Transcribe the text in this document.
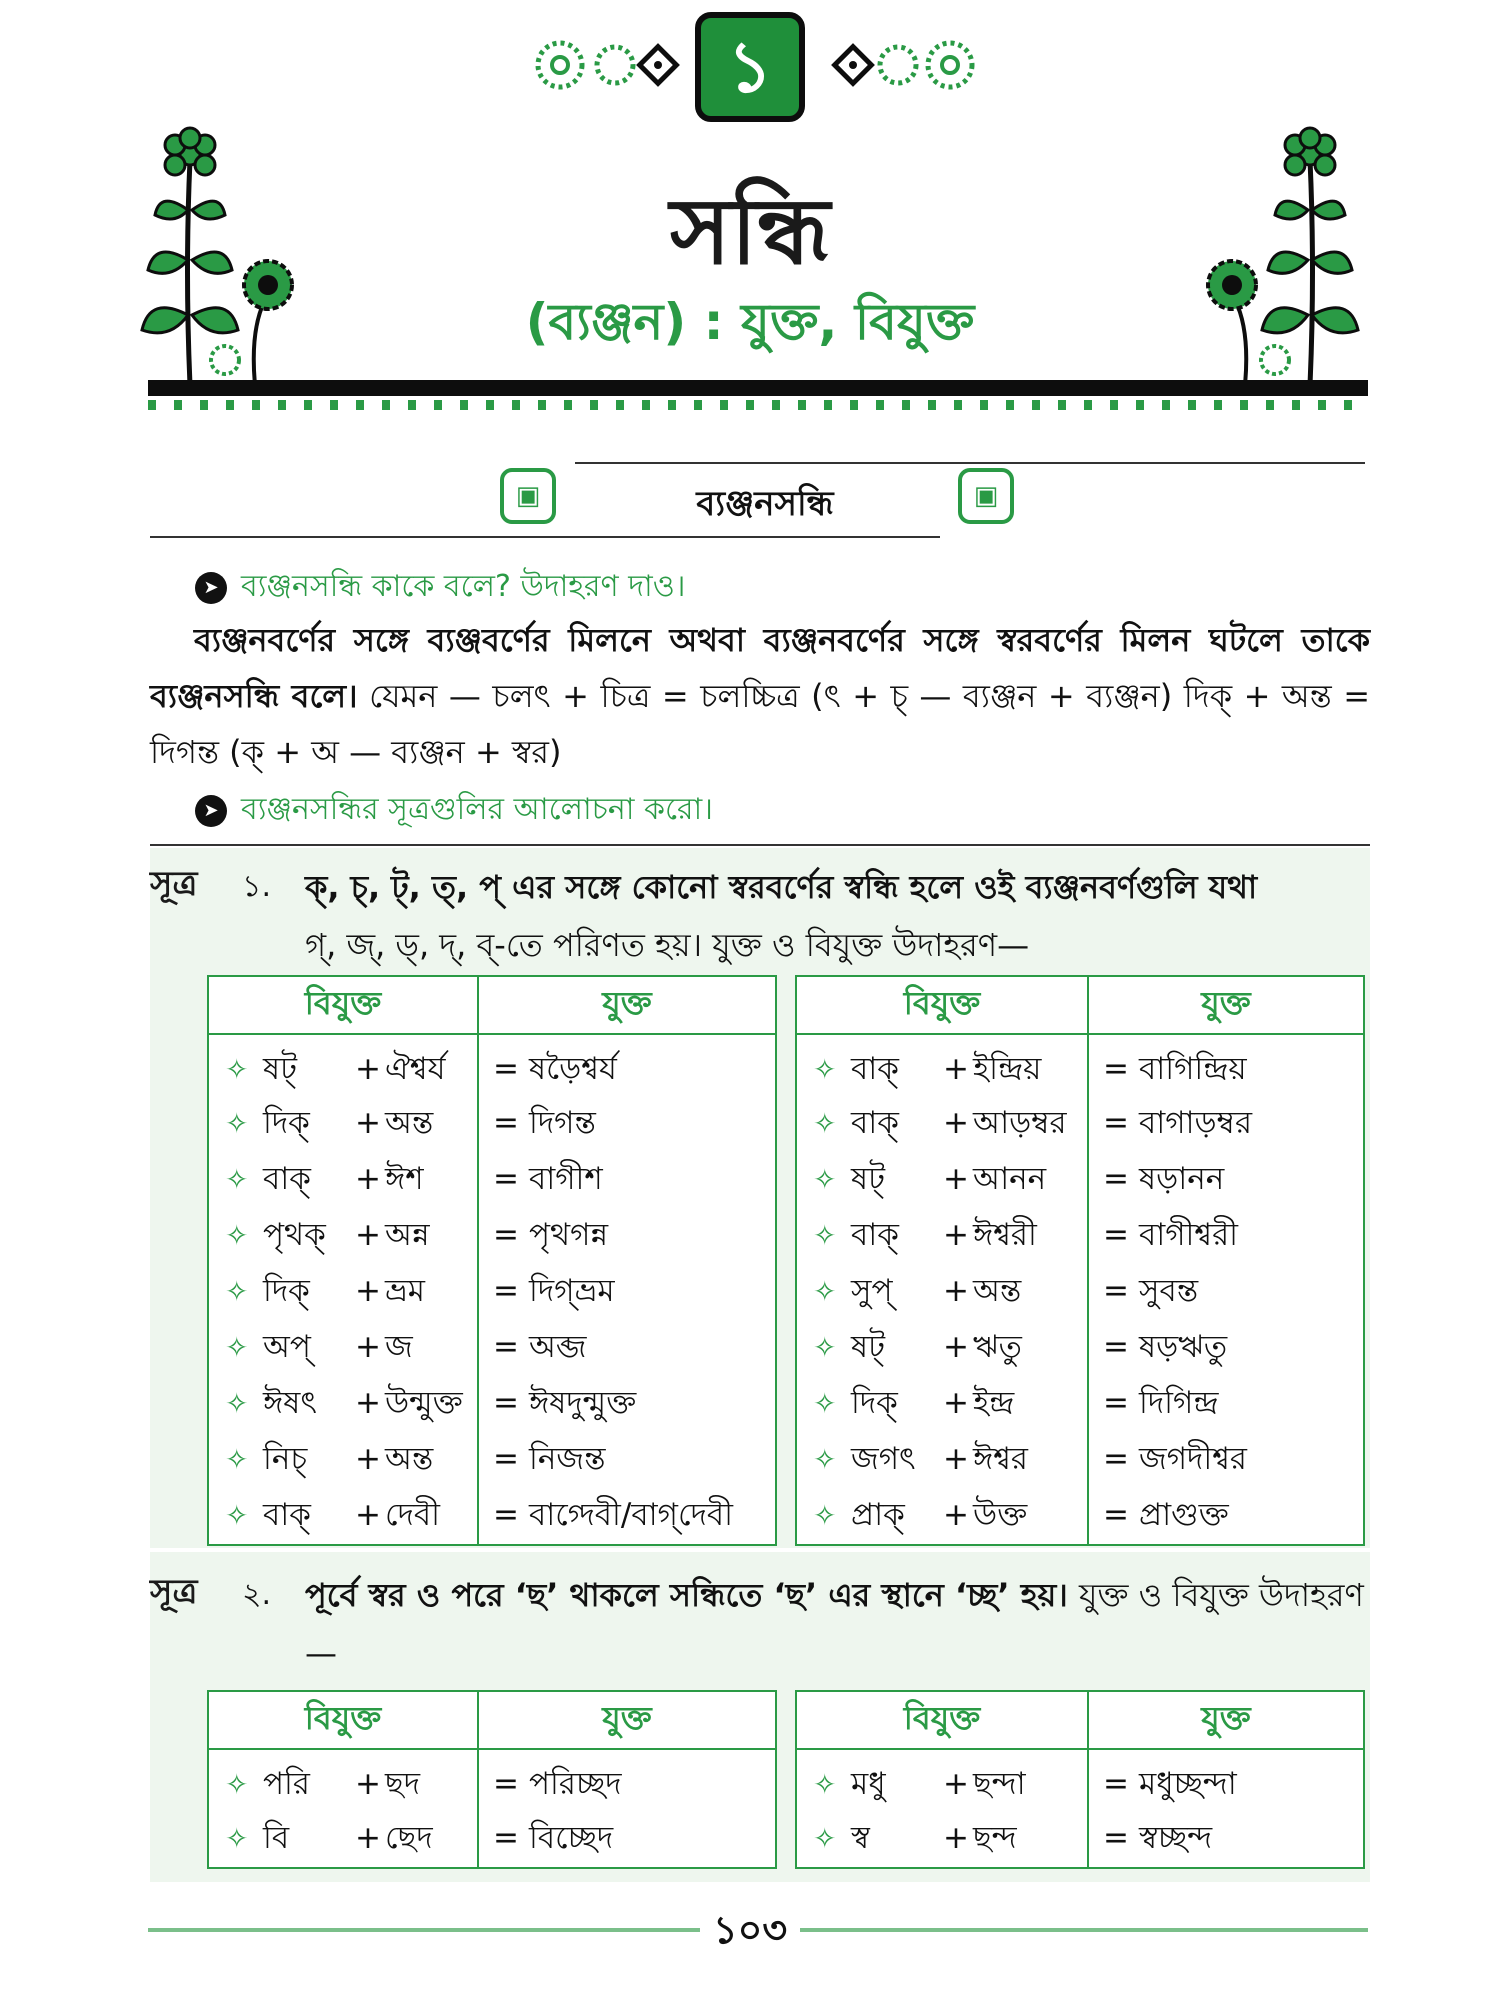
১
সন্ধি
(ব্যঞ্জন) : যুক্ত, বিযুক্ত
▣	ব্যঞ্জনসন্ধি	▣
➤ ব্যঞ্জনসন্ধি কাকে বলে? উদাহরণ দাও।
ব্যঞ্জনবর্ণের সঙ্গে ব্যঞ্জবর্ণের মিলনে অথবা ব্যঞ্জনবর্ণের সঙ্গে স্বরবর্ণের মিলন ঘটলে তাকে ব্যঞ্জনসন্ধি বলে। যেমন — চলৎ + চিত্র = চলচ্চিত্র (ৎ + চ্ — ব্যঞ্জন + ব্যঞ্জন) দিক্ + অন্ত = দিগন্ত (ক্ + অ — ব্যঞ্জন + স্বর)
➤ ব্যঞ্জনসন্ধির সূত্রগুলির আলোচনা করো।
সূত্র ১. ক্, চ্, ট্, ত্, প্ এর সঙ্গে কোনো স্বরবর্ণের স্বন্ধি হলে ওই ব্যঞ্জনবর্ণগুলি যথা
গ্, জ্, ড্, দ্, ব্-তে পরিণত হয়। যুক্ত ও বিযুক্ত উদাহরণ—
বিযুক্ত	যুক্ত
✧ ষট্ + ঐশ্বর্য	= ষড়ৈশ্বর্য
✧ দিক্ + অন্ত	= দিগন্ত
✧ বাক্ + ঈশ	= বাগীশ
✧ পৃথক্ + অন্ন	= পৃথগন্ন
✧ দিক্ + ভ্রম	= দিগ্‌ভ্রম
✧ অপ্ + জ	= অব্জ
✧ ঈষৎ + উন্মুক্ত	= ঈষদুন্মুক্ত
✧ নিচ্ + অন্ত	= নিজন্ত
✧ বাক্ + দেবী	= বাগ্দেবী/বাগ্‌দেবী
বিযুক্ত	যুক্ত
✧ বাক্ + ইন্দ্রিয়	= বাগিন্দ্রিয়
✧ বাক্ + আড়ম্বর	= বাগাড়ম্বর
✧ ষট্ + আনন	= ষড়ানন
✧ বাক্ + ঈশ্বরী	= বাগীশ্বরী
✧ সুপ্ + অন্ত	= সুবন্ত
✧ ষট্ + ঋতু	= ষড়ঋতু
✧ দিক্ + ইন্দ্র	= দিগিন্দ্র
✧ জগৎ + ঈশ্বর	= জগদীশ্বর
✧ প্রাক্ + উক্ত	= প্রাগুক্ত
সূত্র ২. পূর্বে স্বর ও পরে ‘ছ’ থাকলে সন্ধিতে ‘ছ’ এর স্থানে ‘চ্ছ’ হয়। যুক্ত ও বিযুক্ত উদাহরণ—
বিযুক্ত	যুক্ত
✧ পরি + ছদ	= পরিচ্ছদ
✧ বি + ছেদ	= বিচ্ছেদ
বিযুক্ত	যুক্ত
✧ মধু + ছন্দা	= মধুচ্ছন্দা
✧ স্ব + ছন্দ	= স্বচ্ছন্দ
১০৩
